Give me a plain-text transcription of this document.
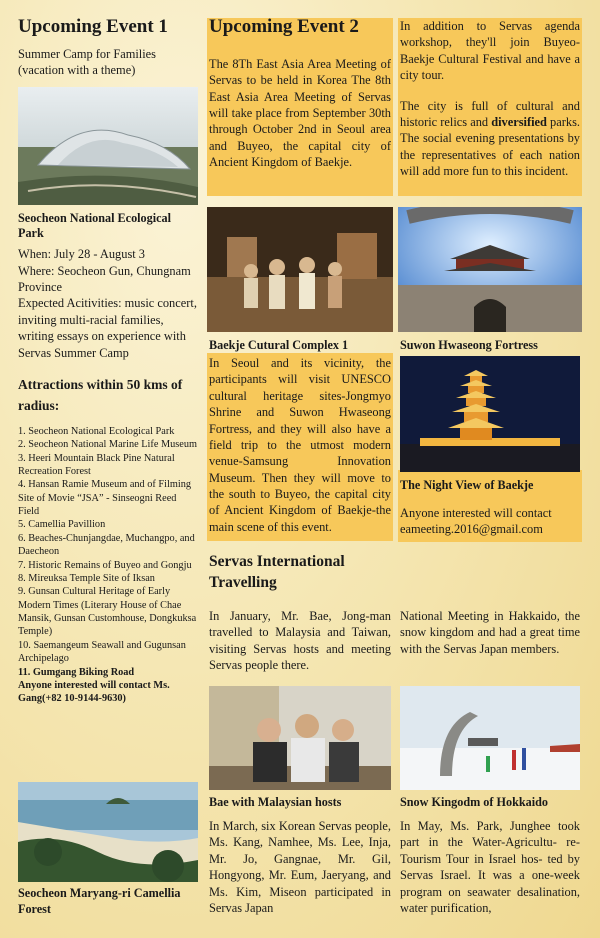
Upcoming Event 1

Summer Camp for Families
(vacation with a theme)

Seocheon National Ecological Park

When: July 28 - August 3

Where: Seocheon Gun, Chungnam Province

Expected Acitivities: music concert, inviting multi-racial families, writing essays on experience with Servas Summer Camp

Attractions within 50 kms of radius:

1. Seocheon National Ecological Park

2. Seocheon National Marine Life Museum

3. Heeri Mountain Black Pine Natural Recreation Forest

4. Hansan Ramie Museum and of Filming Site of Movie “JSA” - Sinseogni Reed Field

5. Camellia Pavillion

6. Beaches-Chunjangdae, Muchangpo, and Daecheon

7. Historic Remains of Buyeo and Gongju

8. Mireuksa Temple Site of Iksan

9. Gunsan Cultural Heritage of Early Modern Times (Literary House of Chae Mansik, Gunsan Customhouse, Dongkuksa Temple)

10. Saemangeum Seawall and Gugunsan Archipelago

11. Gumgang Biking Road

Anyone interested will contact Ms. Gang(+82 10-9144-9630)

Seocheon Maryang-ri Camellia Forest

Upcoming Event 2

The 8Th East Asia Area Meeting of Servas to be held in Korea The 8th East Asia Area Meeting of Servas will take place from September 30th through October 2nd in Seoul area and Buyeo, the capital city of Ancient Kingdom of Baekje.

Baekje Cutural Complex 1

In Seoul and its vicinity, the participants will visit UNESCO cultural heritage sites-Jongmyo Shrine and Suwon Hwaseong Fortress, and they will also have a field trip to the utmost modern venue-Samsung Innovation Museum. Then they will move to the south to Buyeo, the capital city of Ancient Kingdom of Baekje-the main scene of this event.

Servas International Travelling

In January, Mr. Bae, Jong-man travelled to Malaysia and Taiwan, visiting Servas hosts and meeting Servas people there.

Bae with Malaysian hosts

In March, six Korean Servas people, Ms. Kang, Namhee, Ms. Lee, Inja, Mr. Jo, Gangnae, Mr. Gil, Hongyong, Mr. Eum, Jaeryang, and Ms. Kim, Miseon participated in Servas Japan

In addition to Servas agenda workshop, they'll join Buyeo-Baekje Cultural Festival and have a city tour.

The city is full of cultural and historic relics and diversified parks. The social evening presentations by the representatives of each nation will add more fun to this incident.

Suwon Hwaseong Fortress

The Night View of Baekje

Anyone interested will contact eameeting.2016@gmail.com

National Meeting in Hakkaido, the snow kingdom and had a great time with the Servas Japan members.

Snow Kingodm of Hokkaido

In May, Ms. Park, Junghee took part in the Water-Agricultu- re-Tourism Tour in Israel hos- ted by Servas Israel. It was a one-week program on seawater desalination, water purification,
